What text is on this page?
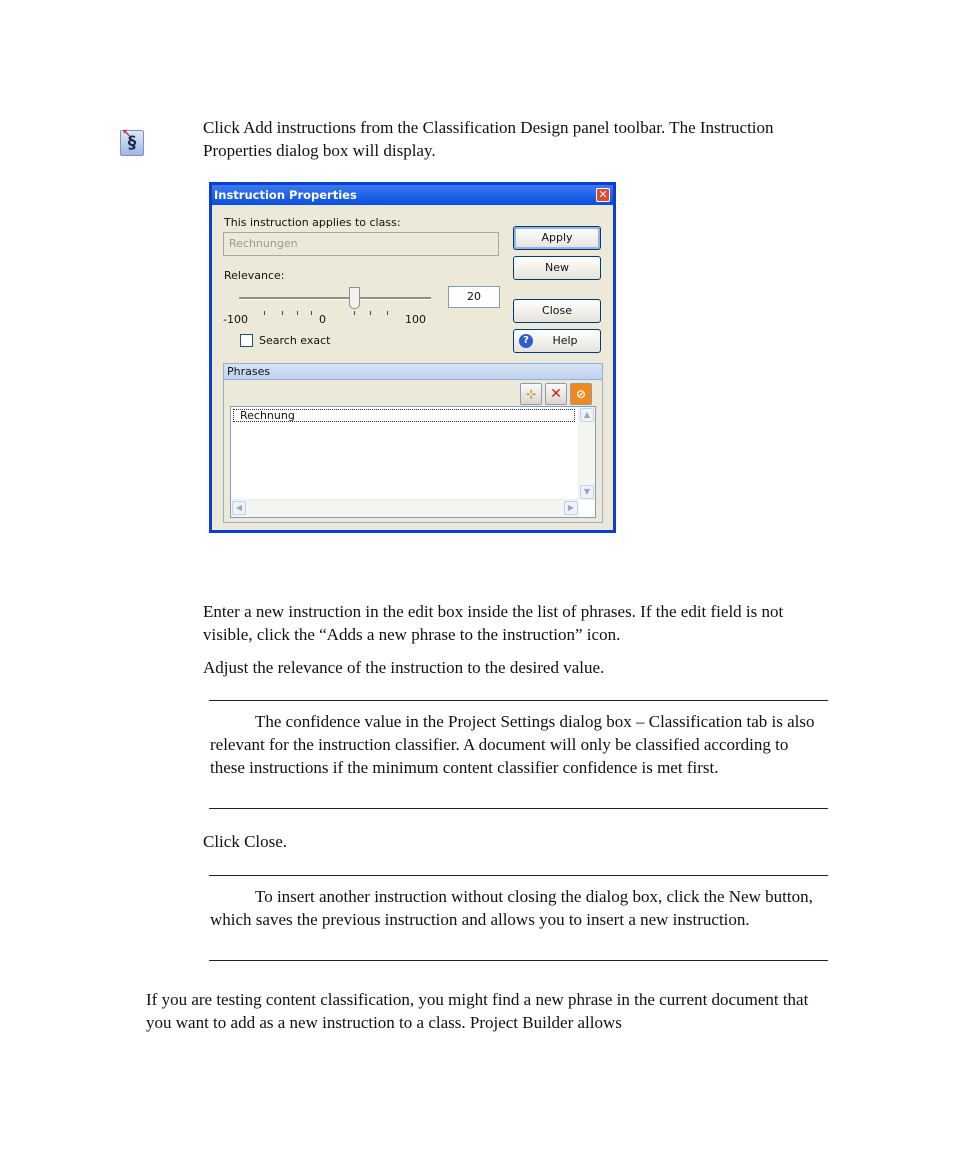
↖
§

Click Add instructions from the Classification Design panel toolbar. The Instruction Properties dialog box will display.

Instruction Properties	✕
This instruction applies to class:
Rechnungen
Relevance:
-100	0	100
20
Search exact
Apply
New
Close
?	Help
Phrases
⊹	✕	⊘
Rechnung	▲
▼
◀	▶

Enter a new instruction in the edit box inside the list of phrases. If the edit field is not visible, click the “Adds a new phrase to the instruction” icon.

Adjust the relevance of the instruction to the desired value.

The confidence value in the Project Settings dialog box – Classification tab is also relevant for the instruction classifier. A document will only be classified according to these instructions if the minimum content classifier confidence is met first.

Click Close.

To insert another instruction without closing the dialog box, click the New button, which saves the previous instruction and allows you to insert a new instruction.

If you are testing content classification, you might find a new phrase in the current document that you want to add as a new instruction to a class. Project Builder allows
